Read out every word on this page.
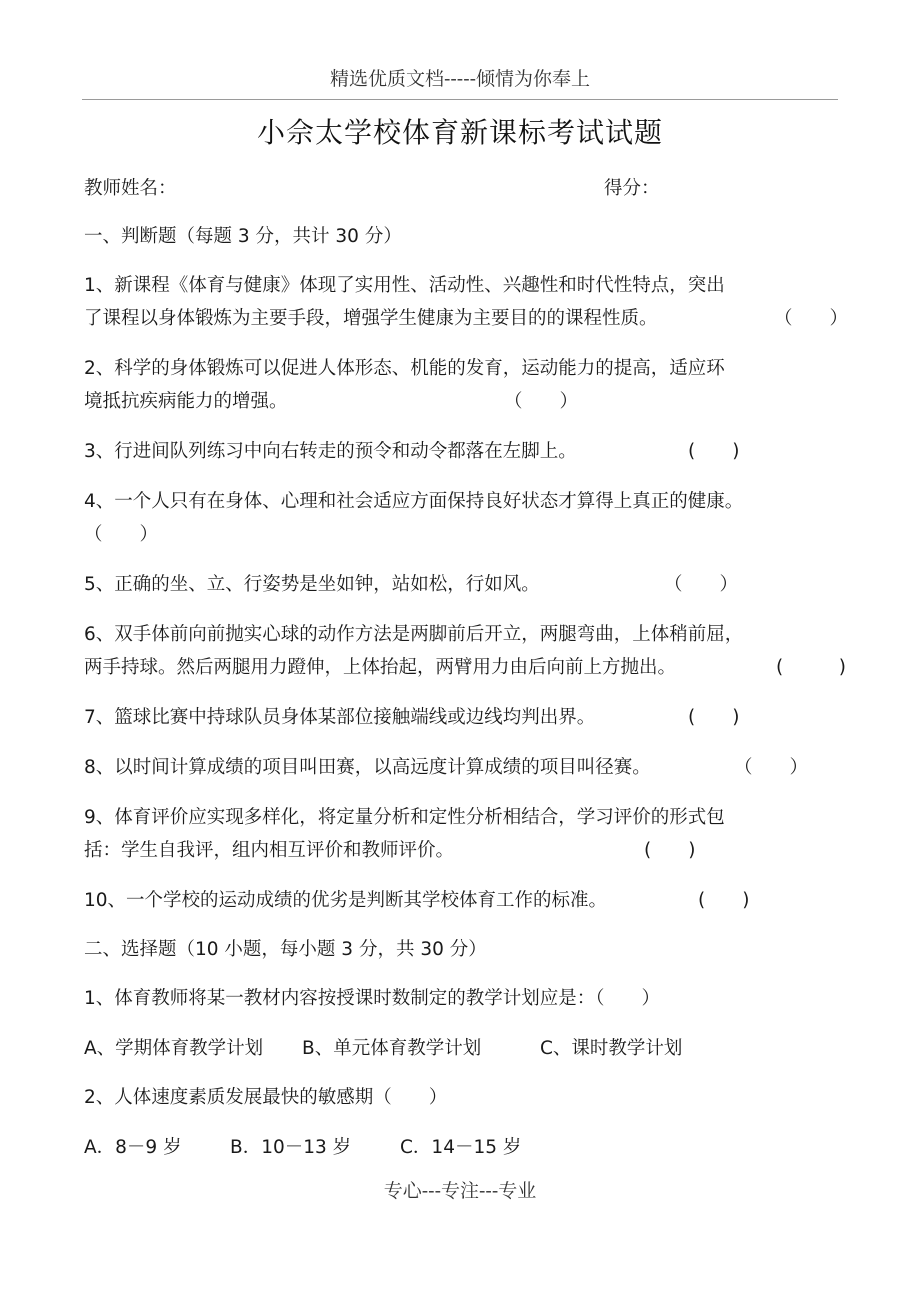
精选优质文档-----倾情为你奉上
小佘太学校体育新课标考试试题
教师姓名：	得分：
一、判断题（每题 3 分，共计 30 分）
1、新课程《体育与健康》体现了实用性、活动性、兴趣性和时代性特点，突出
了课程以身体锻炼为主要手段，增强学生健康为主要目的的课程性质。	（　　）
2、科学的身体锻炼可以促进人体形态、机能的发育，运动能力的提高，适应环
境抵抗疾病能力的增强。	（　　）
3、行进间队列练习中向右转走的预令和动令都落在左脚上。	(　　)
4、一个人只有在身体、心理和社会适应方面保持良好状态才算得上真正的健康。
（　　）
5、正确的坐、立、行姿势是坐如钟，站如松，行如风。	（　　）
6、双手体前向前抛实心球的动作方法是两脚前后开立，两腿弯曲，上体稍前屈，
两手持球。然后两腿用力蹬伸，上体抬起，两臂用力由后向前上方抛出。	(　　　)
7、篮球比赛中持球队员身体某部位接触端线或边线均判出界。	(　　)
8、以时间计算成绩的项目叫田赛，以高远度计算成绩的项目叫径赛。	（　　）
9、体育评价应实现多样化，将定量分析和定性分析相结合，学习评价的形式包
括：学生自我评，组内相互评价和教师评价。	(　　)
10、一个学校的运动成绩的优劣是判断其学校体育工作的标准。	(　　)
二、选择题（10 小题，每小题 3 分，共 30 分）
1、体育教师将某一教材内容按授课时数制定的教学计划应是：（　　）
A、学期体育教学计划 B、单元体育教学计划	C、课时教学计划
2、人体速度素质发展最快的敏感期（　　）
A．8－9 岁	B．10－13 岁	C．14－15 岁
专心---专注---专业
